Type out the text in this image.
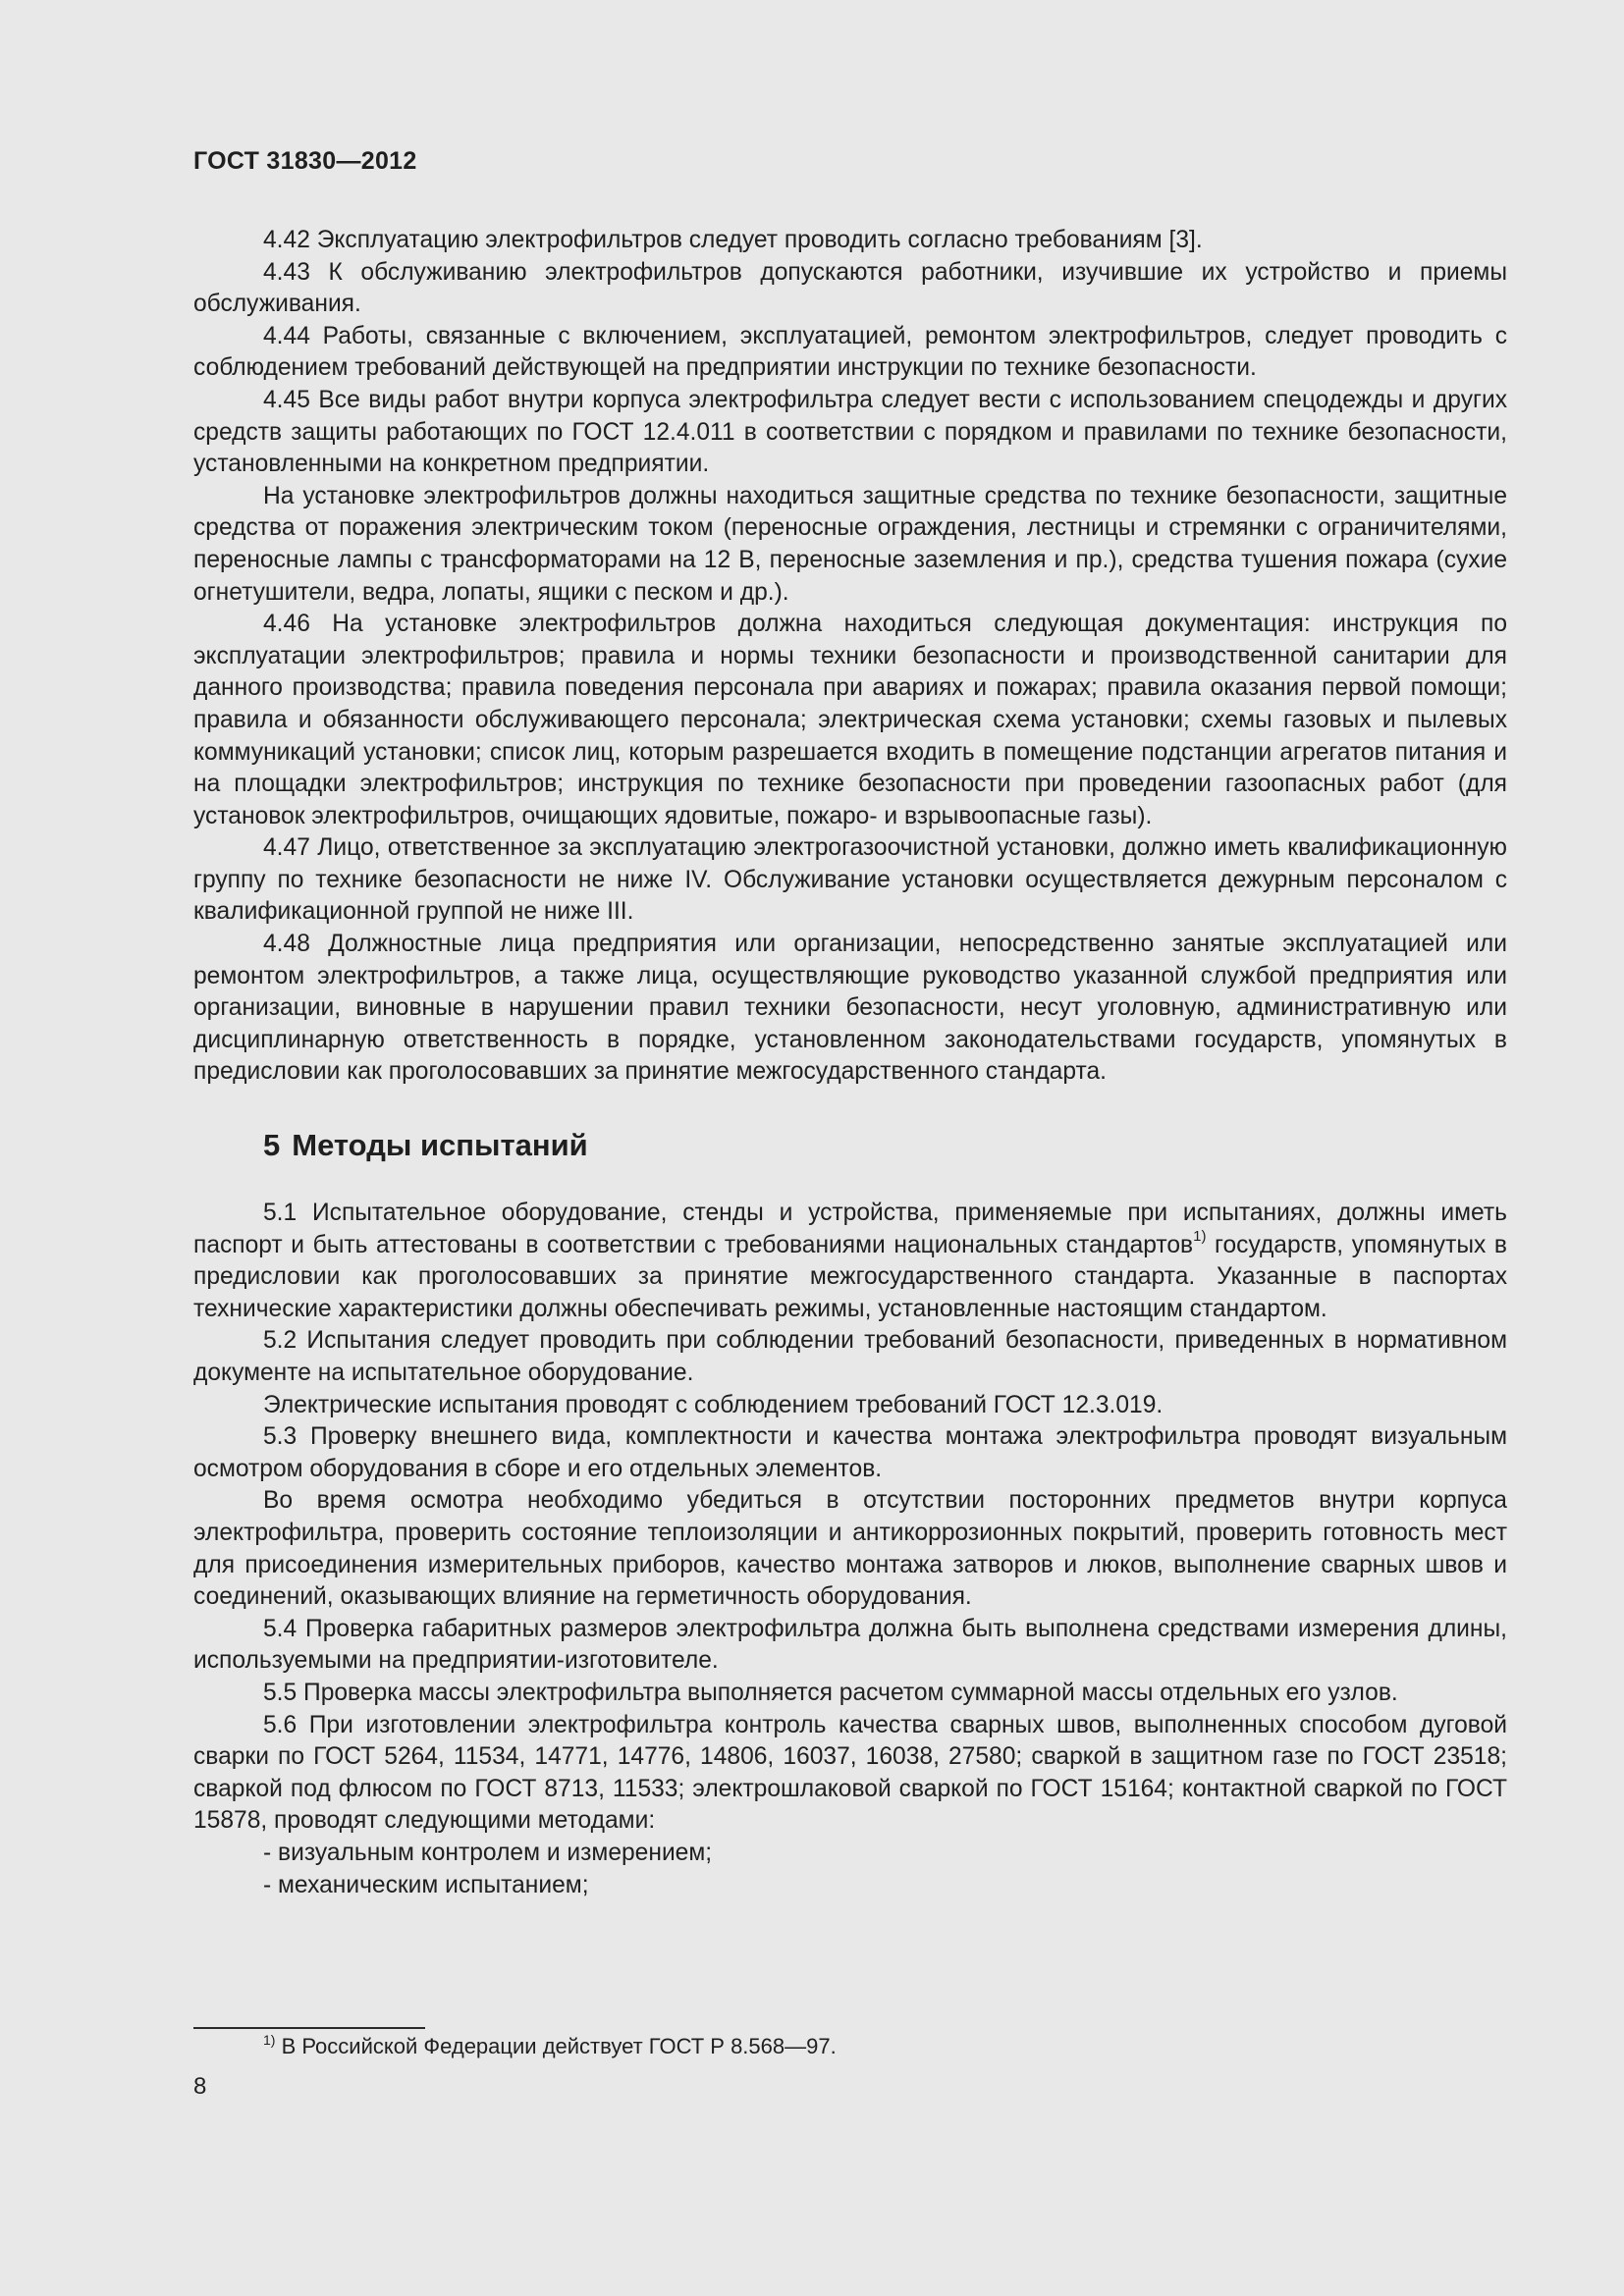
ГОСТ 31830—2012

4.42 Эксплуатацию электрофильтров следует проводить согласно требованиям [3].

4.43 К обслуживанию электрофильтров допускаются работники, изучившие их устройство и приемы обслуживания.

4.44 Работы, связанные с включением, эксплуатацией, ремонтом электрофильтров, следует проводить с соблюдением требований действующей на предприятии инструкции по технике безопасности.

4.45 Все виды работ внутри корпуса электрофильтра следует вести с использованием спецодежды и других средств защиты работающих по ГОСТ 12.4.011 в соответствии с порядком и правилами по технике безопасности, установленными на конкретном предприятии.

На установке электрофильтров должны находиться защитные средства по технике безопасности, защитные средства от поражения электрическим током (переносные ограждения, лестницы и стремянки с ограничителями, переносные лампы с трансформаторами на 12 В, переносные заземления и пр.), средства тушения пожара (сухие огнетушители, ведра, лопаты, ящики с песком и др.).

4.46 На установке электрофильтров должна находиться следующая документация: инструкция по эксплуатации электрофильтров; правила и нормы техники безопасности и производственной санитарии для данного производства; правила поведения персонала при авариях и пожарах; правила оказания первой помощи; правила и обязанности обслуживающего персонала; электрическая схема установки; схемы газовых и пылевых коммуникаций установки; список лиц, которым разрешается входить в помещение подстанции агрегатов питания и на площадки электрофильтров; инструкция по технике безопасности при проведении газоопасных работ (для установок электрофильтров, очищающих ядовитые, пожаро- и взрывоопасные газы).

4.47 Лицо, ответственное за эксплуатацию электрогазоочистной установки, должно иметь квалификационную группу по технике безопасности не ниже IV. Обслуживание установки осуществляется дежурным персоналом с квалификационной группой не ниже III.

4.48 Должностные лица предприятия или организации, непосредственно занятые эксплуатацией или ремонтом электрофильтров, а также лица, осуществляющие руководство указанной службой предприятия или организации, виновные в нарушении правил техники безопасности, несут уголовную, административную или дисциплинарную ответственность в порядке, установленном законодательствами государств, упомянутых в предисловии как проголосовавших за принятие межгосударственного стандарта.

5 Методы испытаний

5.1 Испытательное оборудование, стенды и устройства, применяемые при испытаниях, должны иметь паспорт и быть аттестованы в соответствии с требованиями национальных стандартов$^{1)}$ государств, упомянутых в предисловии как проголосовавших за принятие межгосударственного стандарта. Указанные в паспортах технические характеристики должны обеспечивать режимы, установленные настоящим стандартом.

5.2 Испытания следует проводить при соблюдении требований безопасности, приведенных в нормативном документе на испытательное оборудование.

Электрические испытания проводят с соблюдением требований ГОСТ 12.3.019.

5.3 Проверку внешнего вида, комплектности и качества монтажа электрофильтра проводят визуальным осмотром оборудования в сборе и его отдельных элементов.

Во время осмотра необходимо убедиться в отсутствии посторонних предметов внутри корпуса электрофильтра, проверить состояние теплоизоляции и антикоррозионных покрытий, проверить готовность мест для присоединения измерительных приборов, качество монтажа затворов и люков, выполнение сварных швов и соединений, оказывающих влияние на герметичность оборудования.

5.4 Проверка габаритных размеров электрофильтра должна быть выполнена средствами измерения длины, используемыми на предприятии-изготовителе.

5.5 Проверка массы электрофильтра выполняется расчетом суммарной массы отдельных его узлов.

5.6 При изготовлении электрофильтра контроль качества сварных швов, выполненных способом дуговой сварки по ГОСТ 5264, 11534, 14771, 14776, 14806, 16037, 16038, 27580; сваркой в защитном газе по ГОСТ 23518; сваркой под флюсом по ГОСТ 8713, 11533; электрошлаковой сваркой по ГОСТ 15164; контактной сваркой по ГОСТ 15878, проводят следующими методами:

- визуальным контролем и измерением;

- механическим испытанием;

$^{1)}$ В Российской Федерации действует ГОСТ Р 8.568—97.
8
